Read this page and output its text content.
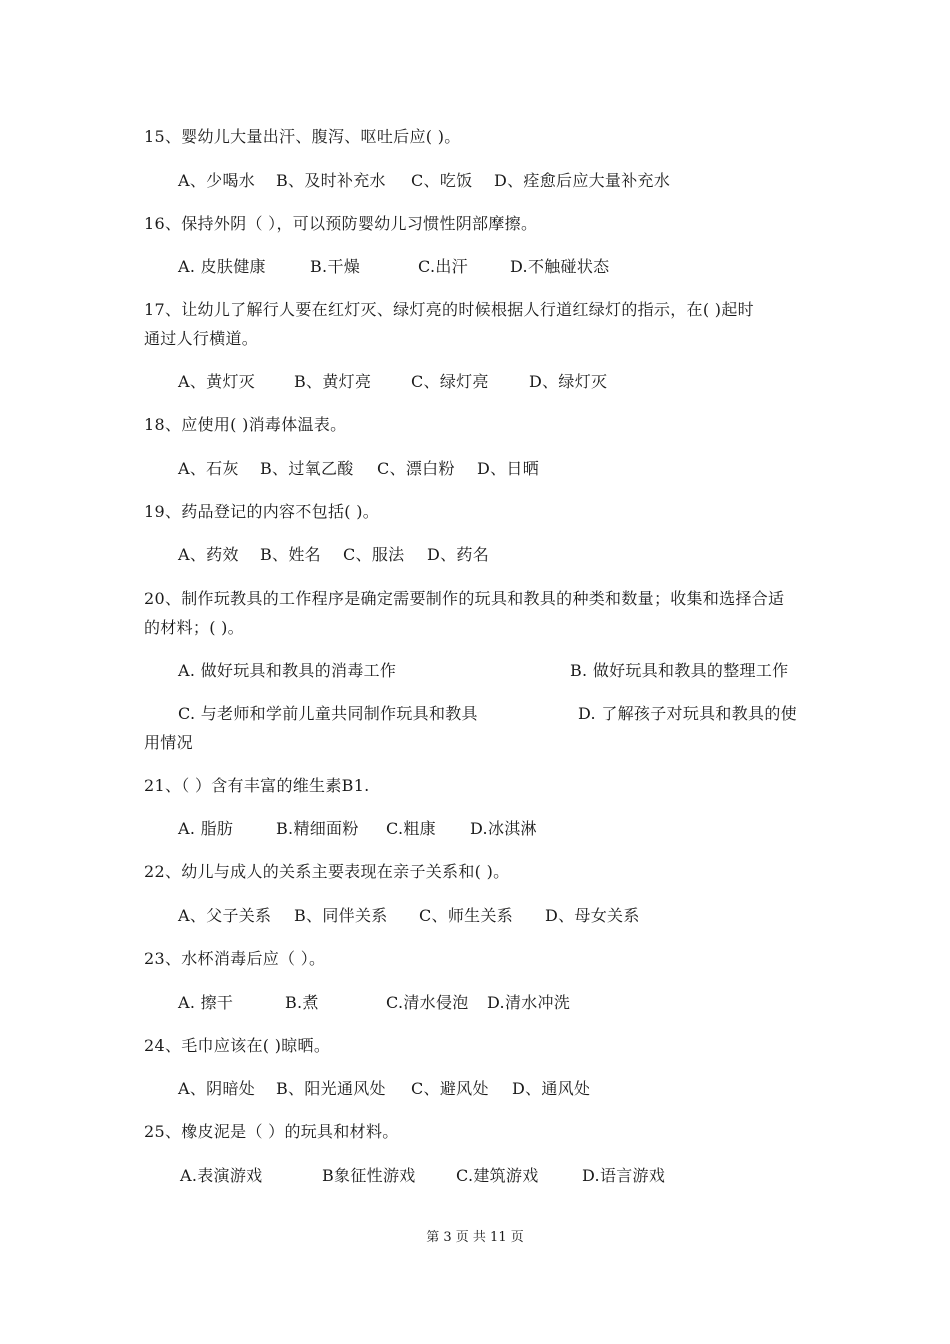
15、婴幼儿大量出汗、腹泻、呕吐后应( )。
A、少喝水 B、及时补充水 C、吃饭 D、痊愈后应大量补充水
16、保持外阴（ ），可以预防婴幼儿习惯性阴部摩擦。
A. 皮肤健康	B.干燥	C.出汗	D.不触碰状态
17、让幼儿了解行人要在红灯灭、绿灯亮的时候根据人行道红绿灯的指示，在( )起时
通过人行横道。
A、黄灯灭 B、黄灯亮 C、绿灯亮	D、绿灯灭
18、应使用( )消毒体温表。
A、石灰 B、过氧乙酸 C、漂白粉 D、日晒
19、药品登记的内容不包括( )。
A、药效 B、姓名 C、服法 D、药名
20、制作玩教具的工作程序是确定需要制作的玩具和教具的种类和数量；收集和选择合适
的材料；( )。
A. 做好玩具和教具的消毒工作	B. 做好玩具和教具的整理工作
C. 与老师和学前儿童共同制作玩具和教具	D. 了解孩子对玩具和教具的使
用情况
21、（ ）含有丰富的维生素B1.
A. 脂肪	B.精细面粉 C.粗康 D.冰淇淋
22、幼儿与成人的关系主要表现在亲子关系和( )。
A、父子关系 B、同伴关系 C、师生关系 D、母女关系
23、水杯消毒后应（ ）。
A. 擦干	B.煮	C.清水侵泡 D.清水冲洗
24、毛巾应该在( )晾晒。
A、阴暗处 B、阳光通风处 C、避风处 D、通风处
25、橡皮泥是（ ）的玩具和材料。
A.表演游戏	B象征性游戏	C.建筑游戏	D.语言游戏
第 3 页 共 11 页
